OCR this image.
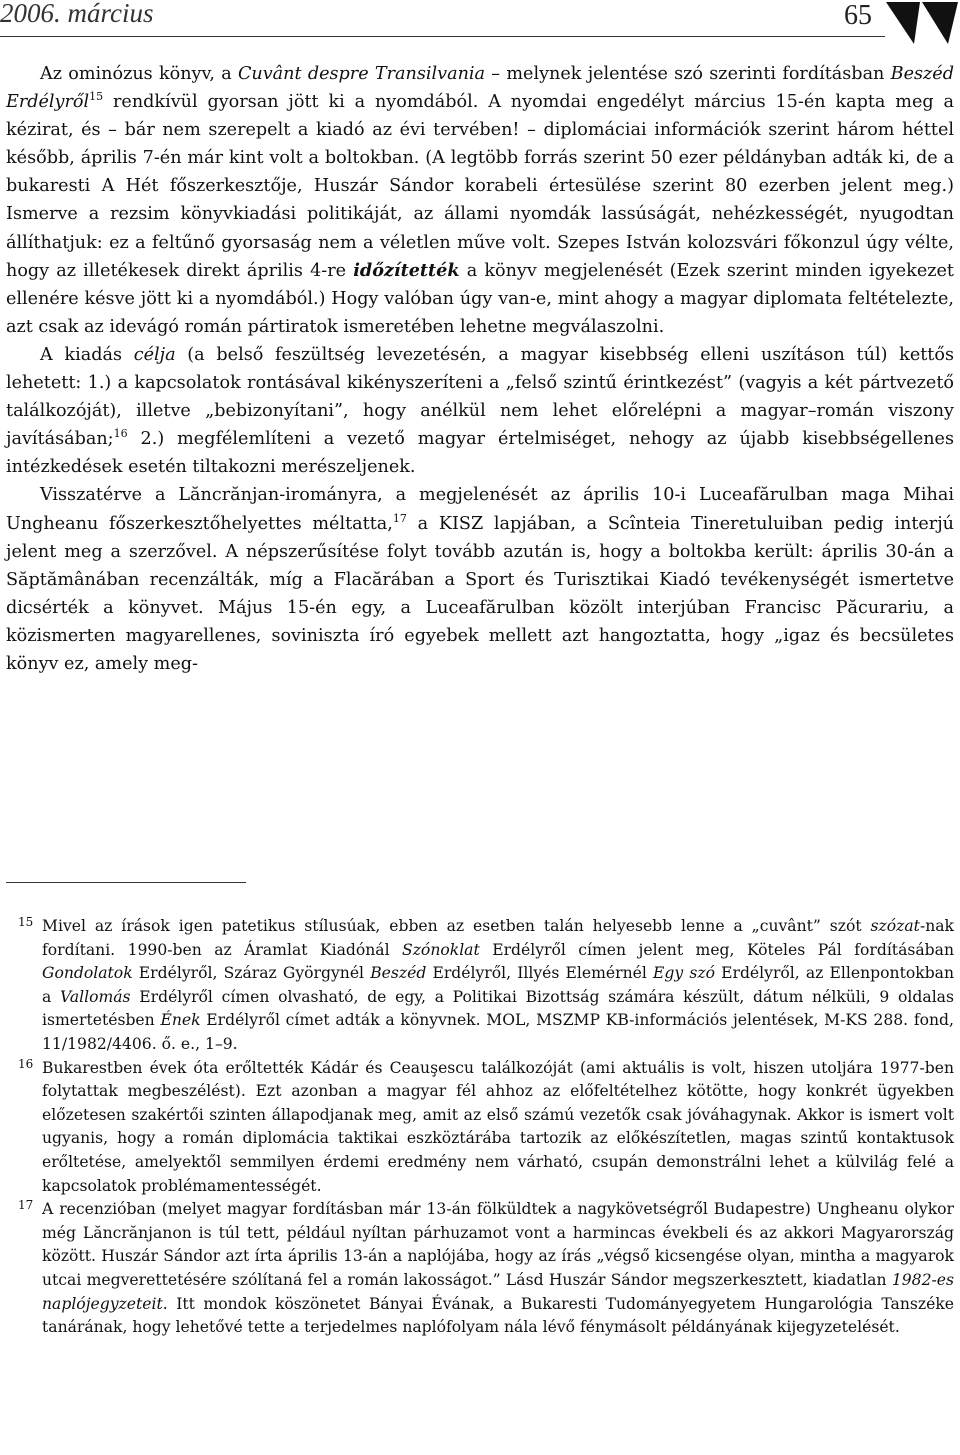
2006. március	65

Az ominózus könyv, a Cuvânt despre Transilvania – melynek jelentése szó szerinti fordításban Beszéd Erdélyről$^{15}$ rendkívül gyorsan jött ki a nyomdából. A nyomdai engedélyt március 15-én kapta meg a kézirat, és – bár nem szerepelt a kiadó az évi tervében! – diplomáciai információk szerint három héttel később, április 7-én már kint volt a boltokban. (A legtöbb forrás szerint 50 ezer példányban adták ki, de a bukaresti A Hét főszerkesztője, Huszár Sándor korabeli értesülése szerint 80 ezerben jelent meg.) Ismerve a rezsim könyvkiadási politikáját, az állami nyomdák lassúságát, nehézkességét, nyugodtan állíthatjuk: ez a feltűnő gyorsaság nem a véletlen műve volt. Szepes István kolozsvári főkonzul úgy vélte, hogy az illetékesek direkt április 4-re időzítették a könyv megjelenését (Ezek szerint minden igyekezet ellenére késve jött ki a nyomdából.) Hogy valóban úgy van-e, mint ahogy a magyar diplomata feltételezte, azt csak az idevágó román pártiratok ismeretében lehetne megválaszolni.

A kiadás célja (a belső feszültség levezetésén, a magyar kisebbség elleni uszításon túl) kettős lehetett: 1.) a kapcsolatok rontásával kikényszeríteni a „felső szintű érintkezést” (vagyis a két pártvezető találkozóját), illetve „bebizonyítani”, hogy anélkül nem lehet előrelépni a magyar–román viszony javításában;$^{16}$ 2.) megfélemlíteni a vezető magyar értelmiséget, nehogy az újabb kisebbségellenes intézkedések esetén tiltakozni merészeljenek.

Visszatérve a Lăncrănjan-irományra, a megjelenését az április 10-i Luceafărulban maga Mihai Ungheanu főszerkesztőhelyettes méltatta,$^{17}$ a KISZ lapjában, a Scînteia Tineretuluiban pedig interjú jelent meg a szerzővel. A népszerűsítése folyt tovább azután is, hogy a boltokba került: április 30-án a Săptămânában recenzálták, míg a Flacărában a Sport és Turisztikai Kiadó tevékenységét ismertetve dicsérték a könyvet. Május 15-én egy, a Luceafărulban közölt interjúban Francisc Păcurariu, a közismerten magyarellenes, soviniszta író egyebek mellett azt hangoztatta, hogy „igaz és becsületes könyv ez, amely meg-

15 Mivel az írások igen patetikus stílusúak, ebben az esetben talán helyesebb lenne a „cuvânt” szót szózat-nak fordítani. 1990-ben az Áramlat Kiadónál Szónoklat Erdélyről címen jelent meg, Köteles Pál fordításában Gondolatok Erdélyről, Száraz Györgynél Beszéd Erdélyről, Illyés Elemérnél Egy szó Erdélyről, az Ellenpontokban a Vallomás Erdélyről címen olvasható, de egy, a Politikai Bizottság számára készült, dátum nélküli, 9 oldalas ismertetésben Ének Erdélyről címet adták a könyvnek. MOL, MSZMP KB-információs jelentések, M-KS 288. fond, 11/1982/4406. ő. e., 1–9.

16 Bukarestben évek óta erőltették Kádár és Ceauşescu találkozóját (ami aktuális is volt, hiszen utoljára 1977-ben folytattak megbeszélést). Ezt azonban a magyar fél ahhoz az előfeltételhez kötötte, hogy konkrét ügyekben előzetesen szakértői szinten állapodjanak meg, amit az első számú vezetők csak jóváhagynak. Akkor is ismert volt ugyanis, hogy a román diplomácia taktikai eszköztárába tartozik az előkészítetlen, magas szintű kontaktusok erőltetése, amelyektől semmilyen érdemi eredmény nem várható, csupán demonstrálni lehet a külvilág felé a kapcsolatok problémamentességét.

17 A recenzióban (melyet magyar fordításban már 13-án fölküldtek a nagykövetségről Budapestre) Ungheanu olykor még Lăncrănjanon is túl tett, például nyíltan párhuzamot vont a harmincas évekbeli és az akkori Magyarország között. Huszár Sándor azt írta április 13-án a naplójába, hogy az írás „végső kicsengése olyan, mintha a magyarok utcai megverettetésére szólítaná fel a román lakosságot.” Lásd Huszár Sándor megszerkesztett, kiadatlan 1982-es naplójegyzeteit. Itt mondok köszönetet Bányai Évának, a Bukaresti Tudományegyetem Hungarológia Tanszéke tanárának, hogy lehetővé tette a terjedelmes naplófolyam nála lévő fénymásolt példányának kijegyzetelését.
